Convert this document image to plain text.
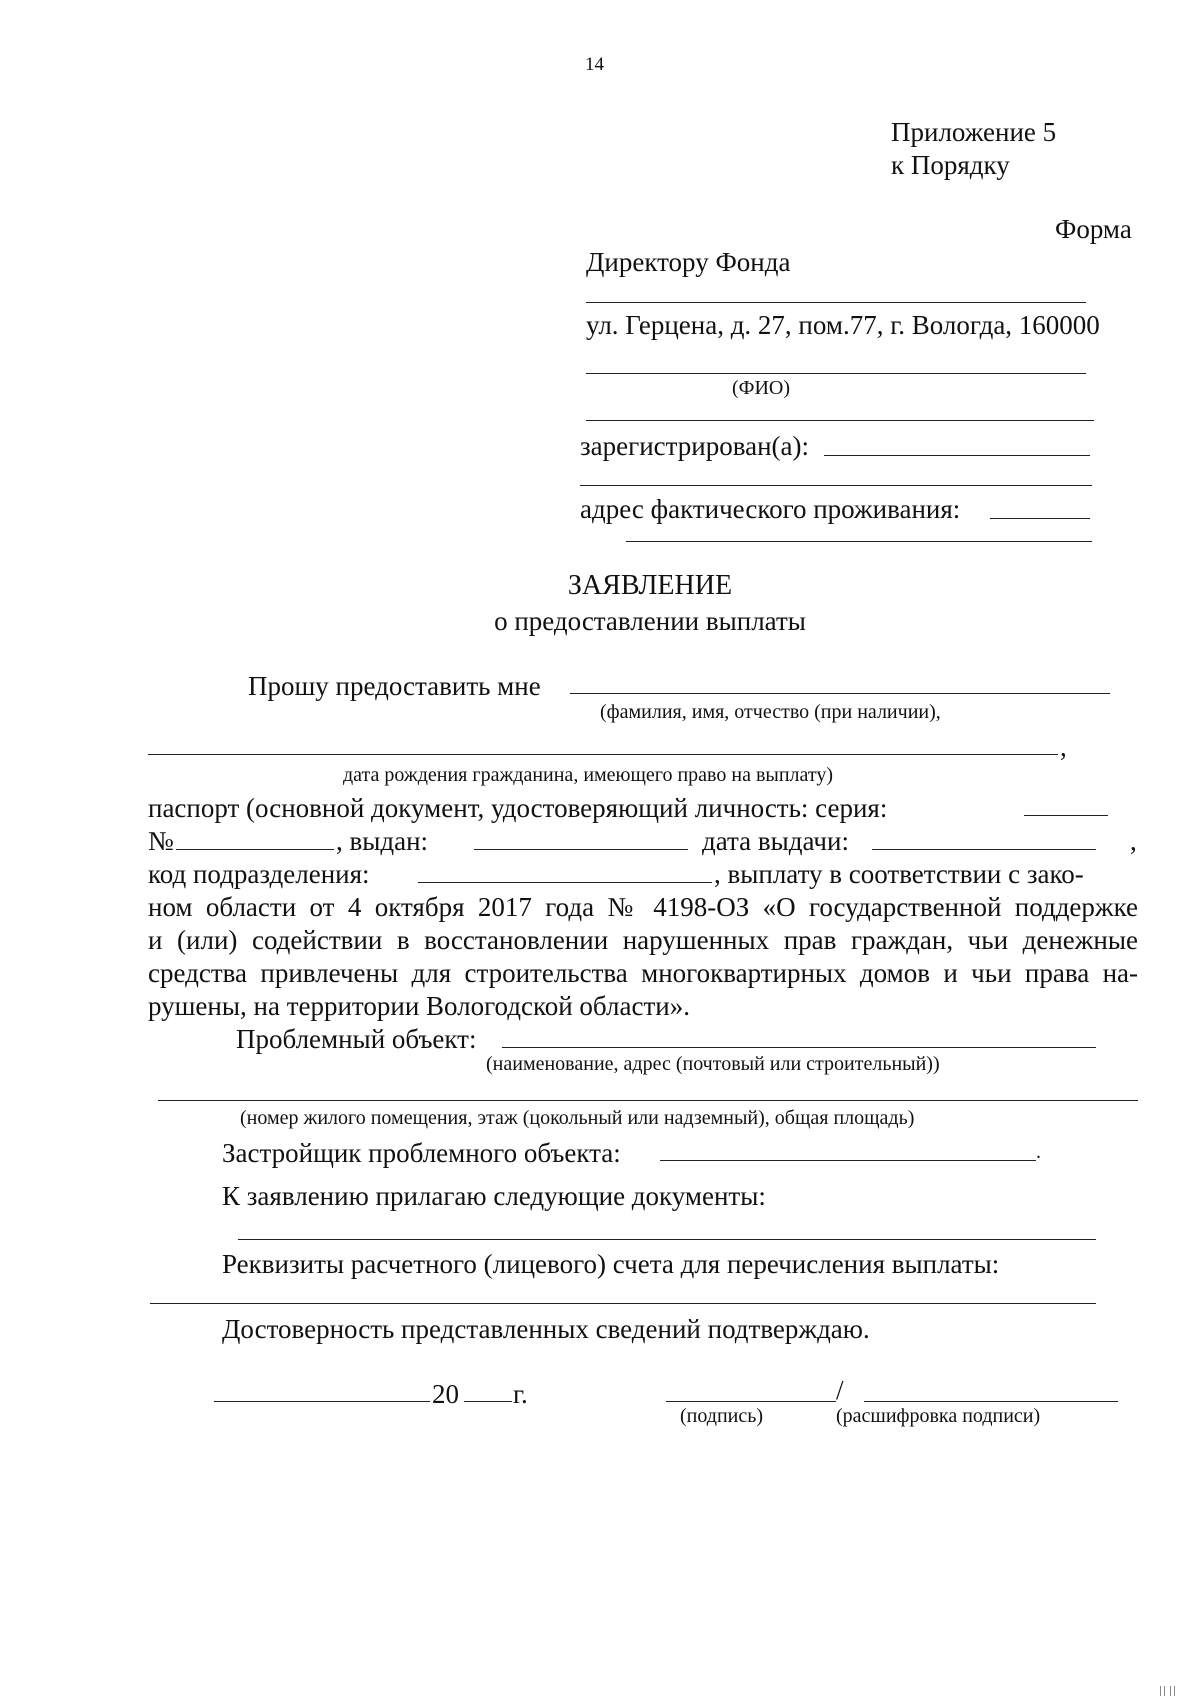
14
Приложение 5
к Порядку
Форма
Директору Фонда
ул. Герцена, д. 27, пом.77, г. Вологда, 160000
(ФИО)
зарегистрирован(а):
адрес фактического проживания:
ЗАЯВЛЕНИЕ
о предоставлении выплаты
Прошу предоставить мне
(фамилия, имя, отчество (при наличии),
,
дата рождения гражданина, имеющего право на выплату)
паспорт (основной документ, удостоверяющий личность: серия:
№	, выдан:	дата выдачи:	,
код подразделения:	, выплату в соответствии с зако-
ном области от 4 октября 2017 года № 4198-ОЗ «О государственной поддержке
и (или) содействии в восстановлении нарушенных прав граждан, чьи денежные
средства привлечены для строительства многоквартирных домов и чьи права на-
рушены, на территории Вологодской области».
Проблемный объект:
(наименование, адрес (почтовый или строительный))
(номер жилого помещения, этаж (цокольный или надземный), общая площадь)
Застройщик проблемного объекта:	.
К заявлению прилагаю следующие документы:
Реквизиты расчетного (лицевого) счета для перечисления выплаты:
Достоверность представленных сведений подтверждаю.
20 г.	/
(подпись)	(расшифровка подписи)
